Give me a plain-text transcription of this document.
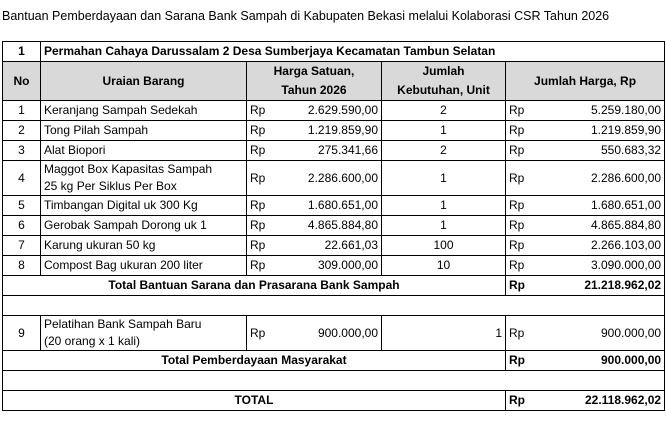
Bantuan Pemberdayaan dan Sarana Bank Sampah di Kabupaten Bekasi melalui Kolaborasi CSR Tahun 2026
1	Permahan Cahaya Darussalam 2 Desa Sumberjaya Kecamatan Tambun Selatan					
No	Uraian Barang	Harga Satuan,		Jumlah	Jumlah Harga, Rp	
		Tahun 2026		Kebutuhan, Unit		
1	Keranjang Sampah Sedekah	Rp	2.629.590,00	2	Rp	5.259.180,00
2	Tong Pilah Sampah	Rp	1.219.859,90	1	Rp	1.219.859,90
3	Alat Biopori	Rp	275.341,66	2	Rp	550.683,32
4	Maggot Box Kapasitas Sampah
25 kg Per Siklus Per Box	Rp	2.286.600,00	1	Rp	2.286.600,00
5	Timbangan Digital uk 300 Kg	Rp	1.680.651,00	1	Rp	1.680.651,00
6	Gerobak Sampah Dorong uk 1	Rp	4.865.884,80	1	Rp	4.865.884,80
7	Karung ukuran 50 kg	Rp	22.661,03	100	Rp	2.266.103,00
8	Compost Bag ukuran 200 liter	Rp	309.000,00	10	Rp	3.090.000,00
Total Bantuan Sarana dan Prasarana Bank Sampah					Rp	21.218.962,02

9	Pelatihan Bank Sampah Baru
(20 orang x 1 kali)	Rp	900.000,00	1	Rp	900.000,00
Total Pemberdayaan Masyarakat					Rp	900.000,00

TOTAL					Rp	22.118.962,02
